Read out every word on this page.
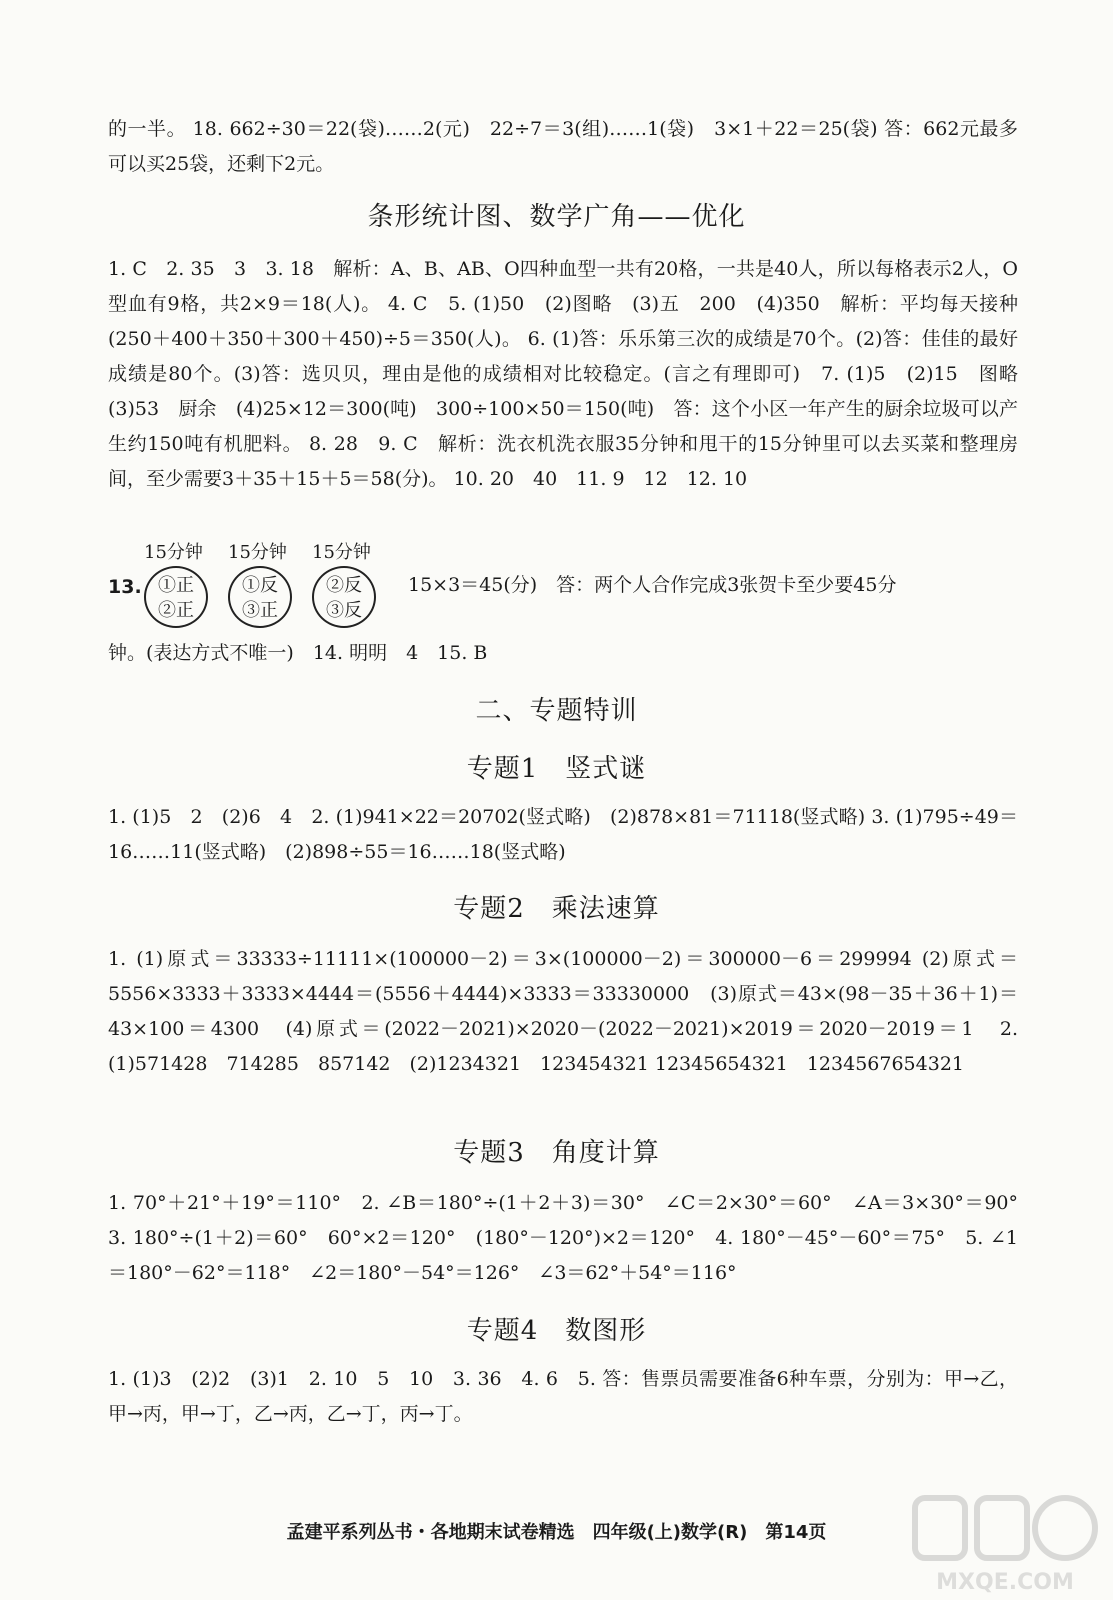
的一半。 18. 662÷30＝22(袋)……2(元)　22÷7＝3(组)……1(袋)　3×1＋22＝25(袋) 答：662元最多可以买25袋，还剩下2元。

条形统计图、数学广角——优化

1. C　2. 35　3　3. 18　解析：A、B、AB、O四种血型一共有20格，一共是40人，所以每格表示2人，O型血有9格，共2×9＝18(人)。 4. C　5. (1)50　(2)图略　(3)五　200　(4)350　解析：平均每天接种(250＋400＋350＋300＋450)÷5＝350(人)。 6. (1)答：乐乐第三次的成绩是70个。(2)答：佳佳的最好成绩是80个。(3)答：选贝贝，理由是他的成绩相对比较稳定。(言之有理即可)　7. (1)5　(2)15　图略　(3)53　厨余　(4)25×12＝300(吨)　300÷100×50＝150(吨)　答：这个小区一年产生的厨余垃圾可以产生约150吨有机肥料。 8. 28　9. C　解析：洗衣机洗衣服35分钟和甩干的15分钟里可以去买菜和整理房间，至少需要3＋35＋15＋5＝58(分)。 10. 20　40　11. 9　12　12. 10

15分钟 15分钟 15分钟
13. ①正
②正
①反
③正
②反
③反
15×3＝45(分)　答：两个人合作完成3张贺卡至少要45分

钟。(表达方式不唯一)　14. 明明　4　15. B

二、专题特训
专题1　竖式谜

1. (1)5　2　(2)6　4　2. (1)941×22＝20702(竖式略)　(2)878×81＝71118(竖式略) 3. (1)795÷49＝16……11(竖式略)　(2)898÷55＝16……18(竖式略)

专题2　乘法速算

1. (1)原式＝33333÷11111×(100000－2)＝3×(100000－2)＝300000－6＝299994 (2)原式＝5556×3333＋3333×4444＝(5556＋4444)×3333＝33330000　(3)原式＝43×(98－35＋36＋1)＝43×100＝4300　(4)原式＝(2022－2021)×2020－(2022－2021)×2019＝2020－2019＝1　2. (1)571428　714285　857142　(2)1234321　123454321 12345654321　1234567654321

专题3　角度计算

1. 70°＋21°＋19°＝110°　2. ∠B＝180°÷(1＋2＋3)＝30°　∠C＝2×30°＝60°　∠A＝3×30°＝90°　3. 180°÷(1＋2)＝60°　60°×2＝120°　(180°－120°)×2＝120°　4. 180°－45°－60°＝75°　5. ∠1＝180°－62°＝118°　∠2＝180°－54°＝126°　∠3＝62°＋54°＝116°

专题4　数图形

1. (1)3　(2)2　(3)1　2. 10　5　10　3. 36　4. 6　5. 答：售票员需要准备6种车票，分别为：甲→乙，甲→丙，甲→丁，乙→丙，乙→丁，丙→丁。

孟建平系列丛书・各地期末试卷精选　四年级(上)数学(R)　第14页
MXQE.COM
